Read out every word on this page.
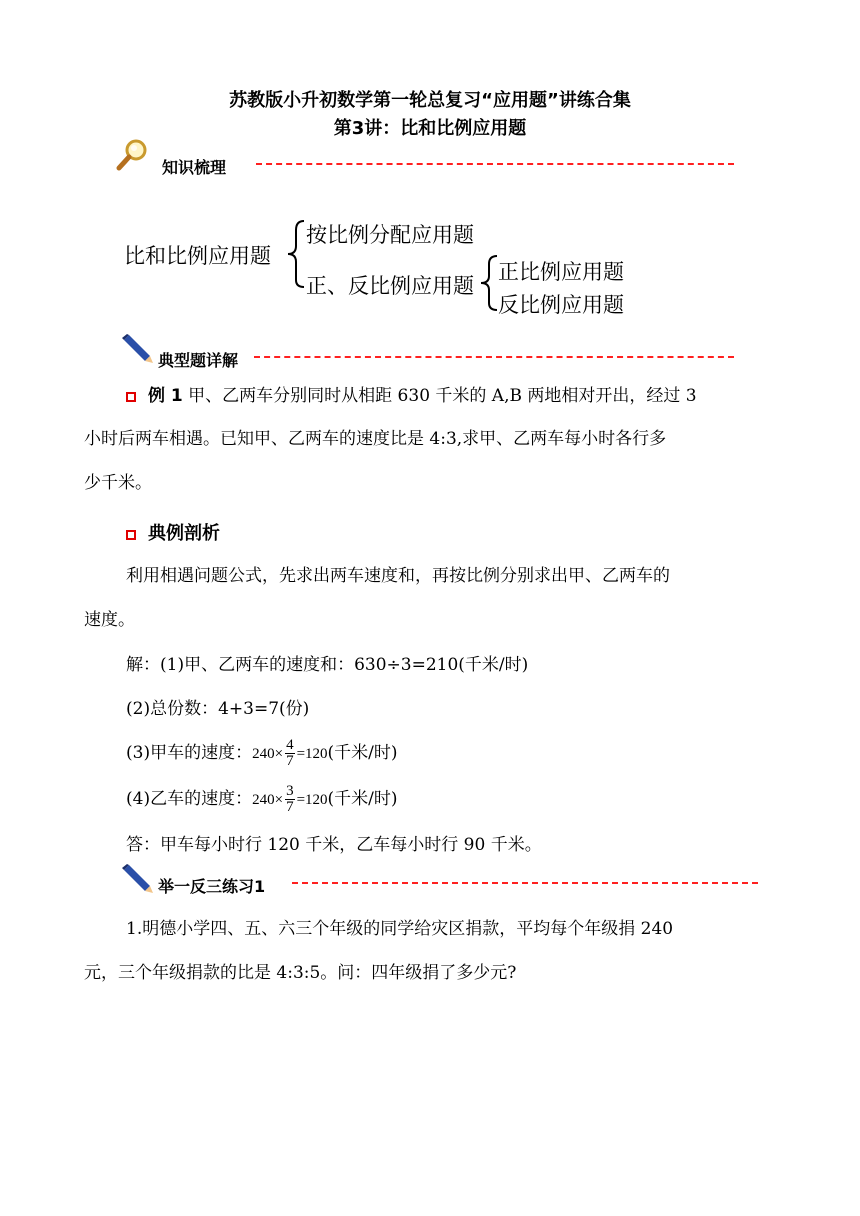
苏教版小升初数学第一轮总复习“应用题”讲练合集
第3讲：比和比例应用题
知识梳理
比和比例应用题
按比例分配应用题
正、反比例应用题
正比例应用题
反比例应用题
典型题详解
例 1 甲、乙两车分别同时从相距 630 千米的 A,B 两地相对开出，经过 3
小时后两车相遇。已知甲、乙两车的速度比是 4:3,求甲、乙两车每小时各行多
少千米。
典例剖析
利用相遇问题公式，先求出两车速度和，再按比例分别求出甲、乙两车的
速度。
解：(1)甲、乙两车的速度和：630÷3=210(千米/时)
(2)总份数：4+3=7(份)
(3)甲车的速度：$240\times \frac{4}{7} =120$(千米/时)
(4)乙车的速度：$240\times \frac{3}{7} =120$(千米/时)
答：甲车每小时行 120 千米，乙车每小时行 90 千米。
举一反三练习1
1.明德小学四、五、六三个年级的同学给灾区捐款，平均每个年级捐 240
元，三个年级捐款的比是 4:3:5。问：四年级捐了多少元?
